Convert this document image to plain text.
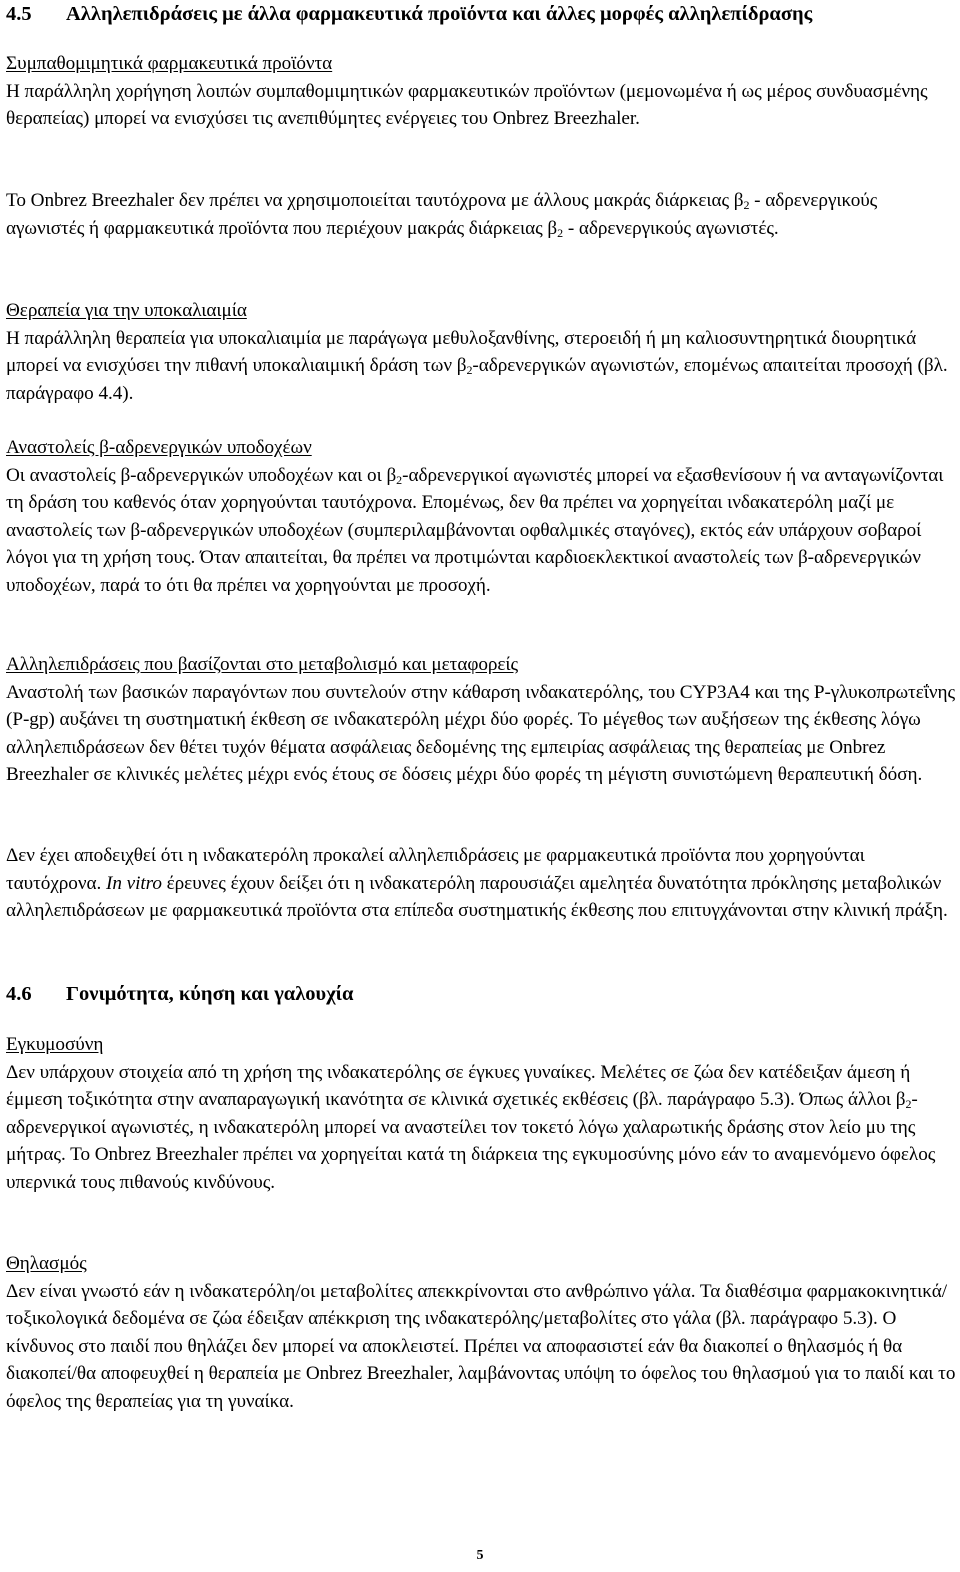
4.5	Αλληλεπιδράσεις με άλλα φαρμακευτικά προϊόντα και άλλες μορφές αλληλεπίδρασης

Συμπαθομιμητικά φαρμακευτικά προϊόντα

Η παράλληλη χορήγηση λοιπών συμπαθομιμητικών φαρμακευτικών προϊόντων (μεμονωμένα ή ως μέρος συνδυασμένης θεραπείας) μπορεί να ενισχύσει τις ανεπιθύμητες ενέργειες του Onbrez Breezhaler.

Το Onbrez Breezhaler δεν πρέπει να χρησιμοποιείται ταυτόχρονα με άλλους μακράς διάρκειας $\beta_2$ - αδρενεργικούς αγωνιστές ή φαρμακευτικά προϊόντα που περιέχουν μακράς διάρκειας $\beta_2$ - αδρενεργικούς αγωνιστές.

Θεραπεία για την υποκαλιαιμία

Η παράλληλη θεραπεία για υποκαλιαιμία με παράγωγα μεθυλοξανθίνης, στεροειδή ή μη καλιοσυντηρητικά διουρητικά μπορεί να ενισχύσει την πιθανή υποκαλιαιμική δράση των $\beta_2$-αδρενεργικών αγωνιστών, επομένως απαιτείται προσοχή (βλ. παράγραφο 4.4).

Αναστολείς β-αδρενεργικών υποδοχέων

Οι αναστολείς β-αδρενεργικών υποδοχέων και οι $\beta_2$-αδρενεργικοί αγωνιστές μπορεί να εξασθενίσουν ή να ανταγωνίζονται τη δράση του καθενός όταν χορηγούνται ταυτόχρονα. Επομένως, δεν θα πρέπει να χορηγείται ινδακατερόλη μαζί με αναστολείς των β-αδρενεργικών υποδοχέων (συμπεριλαμβάνονται οφθαλμικές σταγόνες), εκτός εάν υπάρχουν σοβαροί λόγοι για τη χρήση τους. Όταν απαιτείται, θα πρέπει να προτιμώνται καρδιοεκλεκτικοί αναστολείς των β-αδρενεργικών υποδοχέων, παρά το ότι θα πρέπει να χορηγούνται με προσοχή.

Αλληλεπιδράσεις που βασίζονται στο μεταβολισμό και μεταφορείς

Αναστολή των βασικών παραγόντων που συντελούν στην κάθαρση ινδακατερόλης, του CYP3A4 και της P-γλυκοπρωτεΐνης (P-gp) αυξάνει τη συστηματική έκθεση σε ινδακατερόλη μέχρι δύο φορές. Το μέγεθος των αυξήσεων της έκθεσης λόγω αλληλεπιδράσεων δεν θέτει τυχόν θέματα ασφάλειας δεδομένης της εμπειρίας ασφάλειας της θεραπείας με Onbrez Breezhaler σε κλινικές μελέτες μέχρι ενός έτους σε δόσεις μέχρι δύο φορές τη μέγιστη συνιστώμενη θεραπευτική δόση.

Δεν έχει αποδειχθεί ότι η ινδακατερόλη προκαλεί αλληλεπιδράσεις με φαρμακευτικά προϊόντα που χορηγούνται ταυτόχρονα. In vitro έρευνες έχουν δείξει ότι η ινδακατερόλη παρουσιάζει αμελητέα δυνατότητα πρόκλησης μεταβολικών αλληλεπιδράσεων με φαρμακευτικά προϊόντα στα επίπεδα συστηματικής έκθεσης που επιτυγχάνονται στην κλινική πράξη.

4.6	Γονιμότητα, κύηση και γαλουχία

Εγκυμοσύνη

Δεν υπάρχουν στοιχεία από τη χρήση της ινδακατερόλης σε έγκυες γυναίκες. Μελέτες σε ζώα δεν κατέδειξαν άμεση ή έμμεση τοξικότητα στην αναπαραγωγική ικανότητα σε κλινικά σχετικές εκθέσεις (βλ. παράγραφο 5.3). Όπως άλλοι $\beta_2$-αδρενεργικοί αγωνιστές, η ινδακατερόλη μπορεί να αναστείλει τον τοκετό λόγω χαλαρωτικής δράσης στον λείο μυ της μήτρας. Το Onbrez Breezhaler πρέπει να χορηγείται κατά τη διάρκεια της εγκυμοσύνης μόνο εάν το αναμενόμενο όφελος υπερνικά τους πιθανούς κινδύνους.

Θηλασμός

Δεν είναι γνωστό εάν η ινδακατερόλη/οι μεταβολίτες απεκκρίνονται στο ανθρώπινο γάλα. Τα διαθέσιμα φαρμακοκινητικά/τοξικολογικά δεδομένα σε ζώα έδειξαν απέκκριση της ινδακατερόλης/μεταβολίτες στο γάλα (βλ. παράγραφο 5.3). Ο κίνδυνος στο παιδί που θηλάζει δεν μπορεί να αποκλειστεί. Πρέπει να αποφασιστεί εάν θα διακοπεί ο θηλασμός ή θα διακοπεί/θα αποφευχθεί η θεραπεία με Onbrez Breezhaler, λαμβάνοντας υπόψη το όφελος του θηλασμού για το παιδί και το όφελος της θεραπείας για τη γυναίκα.

5
